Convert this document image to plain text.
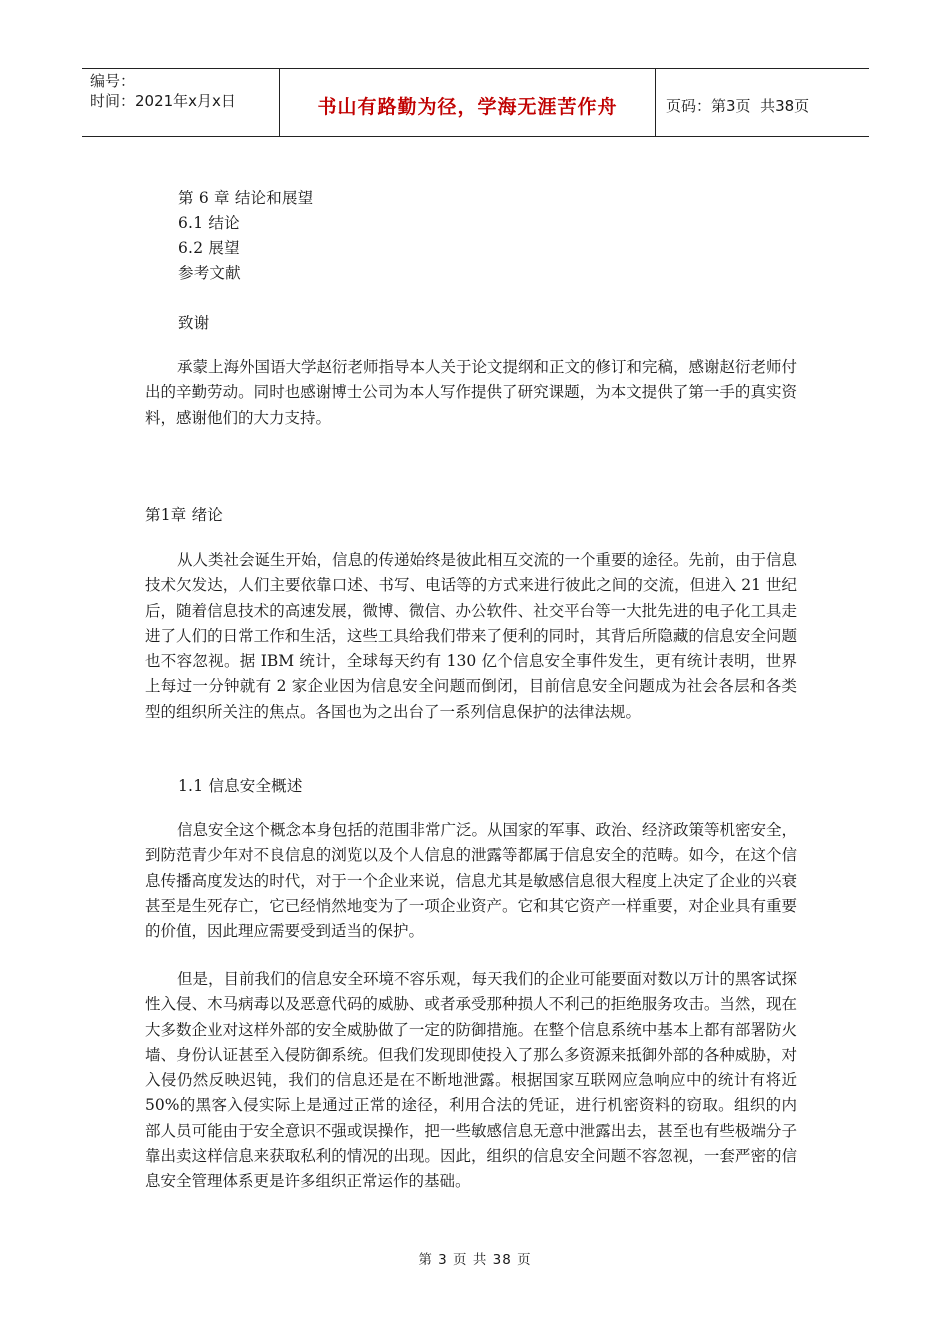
编号：
时间：2021年x月x日	书山有路勤为径，学海无涯苦作舟	页码：第3页  共38页
第 6 章 结论和展望
6.1 结论
6.2 展望
参考文献
致谢

承蒙上海外国语大学赵衍老师指导本人关于论文提纲和正文的修订和完稿，感谢赵衍老师付出的辛勤劳动。同时也感谢博士公司为本人写作提供了研究课题，为本文提供了第一手的真实资料，感谢他们的大力支持。

第1章 绪论

从人类社会诞生开始，信息的传递始终是彼此相互交流的一个重要的途径。先前，由于信息技术欠发达，人们主要依靠口述、书写、电话等的方式来进行彼此之间的交流，但进入 21 世纪后，随着信息技术的高速发展，微博、微信、办公软件、社交平台等一大批先进的电子化工具走进了人们的日常工作和生活，这些工具给我们带来了便利的同时，其背后所隐藏的信息安全问题也不容忽视。据 IBM 统计，全球每天约有 130 亿个信息安全事件发生，更有统计表明，世界上每过一分钟就有 2 家企业因为信息安全问题而倒闭，目前信息安全问题成为社会各层和各类型的组织所关注的焦点。各国也为之出台了一系列信息保护的法律法规。

1.1 信息安全概述

信息安全这个概念本身包括的范围非常广泛。从国家的军事、政治、经济政策等机密安全，到防范青少年对不良信息的浏览以及个人信息的泄露等都属于信息安全的范畴。如今，在这个信息传播高度发达的时代，对于一个企业来说，信息尤其是敏感信息很大程度上决定了企业的兴衰甚至是生死存亡，它已经悄然地变为了一项企业资产。它和其它资产一样重要，对企业具有重要的价值，因此理应需要受到适当的保护。

但是，目前我们的信息安全环境不容乐观，每天我们的企业可能要面对数以万计的黑客试探性入侵、木马病毒以及恶意代码的威胁、或者承受那种损人不利己的拒绝服务攻击。当然，现在大多数企业对这样外部的安全威胁做了一定的防御措施。在整个信息系统中基本上都有部署防火墙、身份认证甚至入侵防御系统。但我们发现即使投入了那么多资源来抵御外部的各种威胁，对入侵仍然反映迟钝，我们的信息还是在不断地泄露。根据国家互联网应急响应中的统计有将近 50%的黑客入侵实际上是通过正常的途径，利用合法的凭证，进行机密资料的窃取。组织的内部人员可能由于安全意识不强或误操作，把一些敏感信息无意中泄露出去，甚至也有些极端分子靠出卖这样信息来获取私利的情况的出现。因此，组织的信息安全问题不容忽视，一套严密的信息安全管理体系更是许多组织正常运作的基础。

第 3 页 共 38 页
